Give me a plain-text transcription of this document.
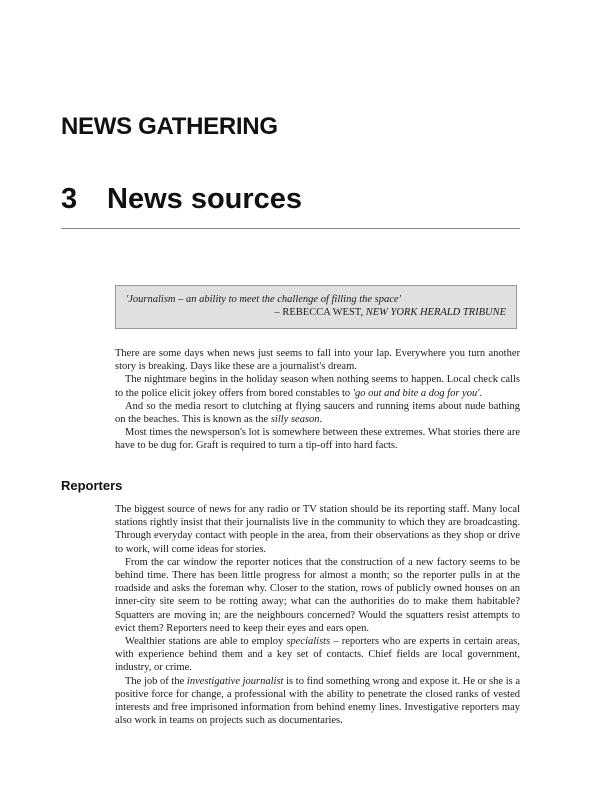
NEWS GATHERING
3 News sources
'Journalism – an ability to meet the challenge of filling the space'
– REBECCA WEST, NEW YORK HERALD TRIBUNE

There are some days when news just seems to fall into your lap. Everywhere you turn another story is breaking. Days like these are a journalist's dream.

The nightmare begins in the holiday season when nothing seems to happen. Local check calls to the police elicit jokey offers from bored constables to 'go out and bite a dog for you'.

And so the media resort to clutching at flying saucers and running items about nude bathing on the beaches. This is known as the silly season.

Most times the newsperson's lot is somewhere between these extremes. What stories there are have to be dug for. Graft is required to turn a tip-off into hard facts.

Reporters

The biggest source of news for any radio or TV station should be its reporting staff. Many local stations rightly insist that their journalists live in the community to which they are broadcasting. Through everyday contact with people in the area, from their observations as they shop or drive to work, will come ideas for stories.

From the car window the reporter notices that the construction of a new factory seems to be behind time. There has been little progress for almost a month; so the reporter pulls in at the roadside and asks the foreman why. Closer to the station, rows of publicly owned houses on an inner-city site seem to be rotting away; what can the authorities do to make them habitable? Squatters are moving in; are the neighbours concerned? Would the squatters resist attempts to evict them? Reporters need to keep their eyes and ears open.

Wealthier stations are able to employ specialists – reporters who are experts in certain areas, with experience behind them and a key set of contacts. Chief fields are local government, industry, or crime.

The job of the investigative journalist is to find something wrong and expose it. He or she is a positive force for change, a professional with the ability to penetrate the closed ranks of vested interests and free imprisoned information from behind enemy lines. Investigative reporters may also work in teams on projects such as documentaries.
